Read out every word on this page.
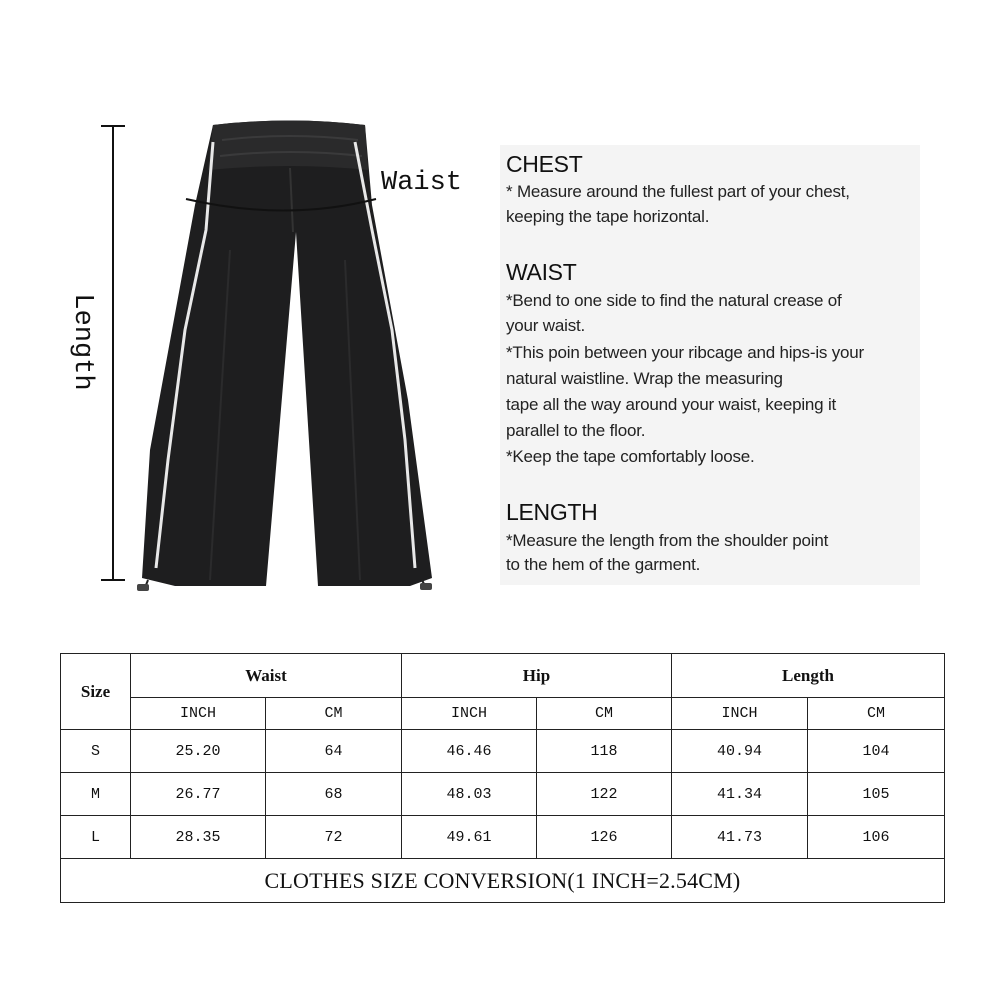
Waist
Length
CHEST
* Measure around the fullest part of your chest,
keeping the tape horizontal.
WAIST
*Bend to one side to find the natural crease of
your waist.
*This poin between your ribcage and hips-is your
natural waistline. Wrap the measuring
tape all the way around your waist, keeping it
parallel to the floor.
*Keep the tape comfortably loose.
LENGTH
*Measure the length from the shoulder point
to the hem of the garment.
Size	Waist		Hip		Length	
	INCH	CM	INCH	CM	INCH	CM
S	25.20	64	46.46	118	40.94	104
M	26.77	68	48.03	122	41.34	105
L	28.35	72	49.61	126	41.73	106
CLOTHES SIZE CONVERSION(1 INCH=2.54CM)						
